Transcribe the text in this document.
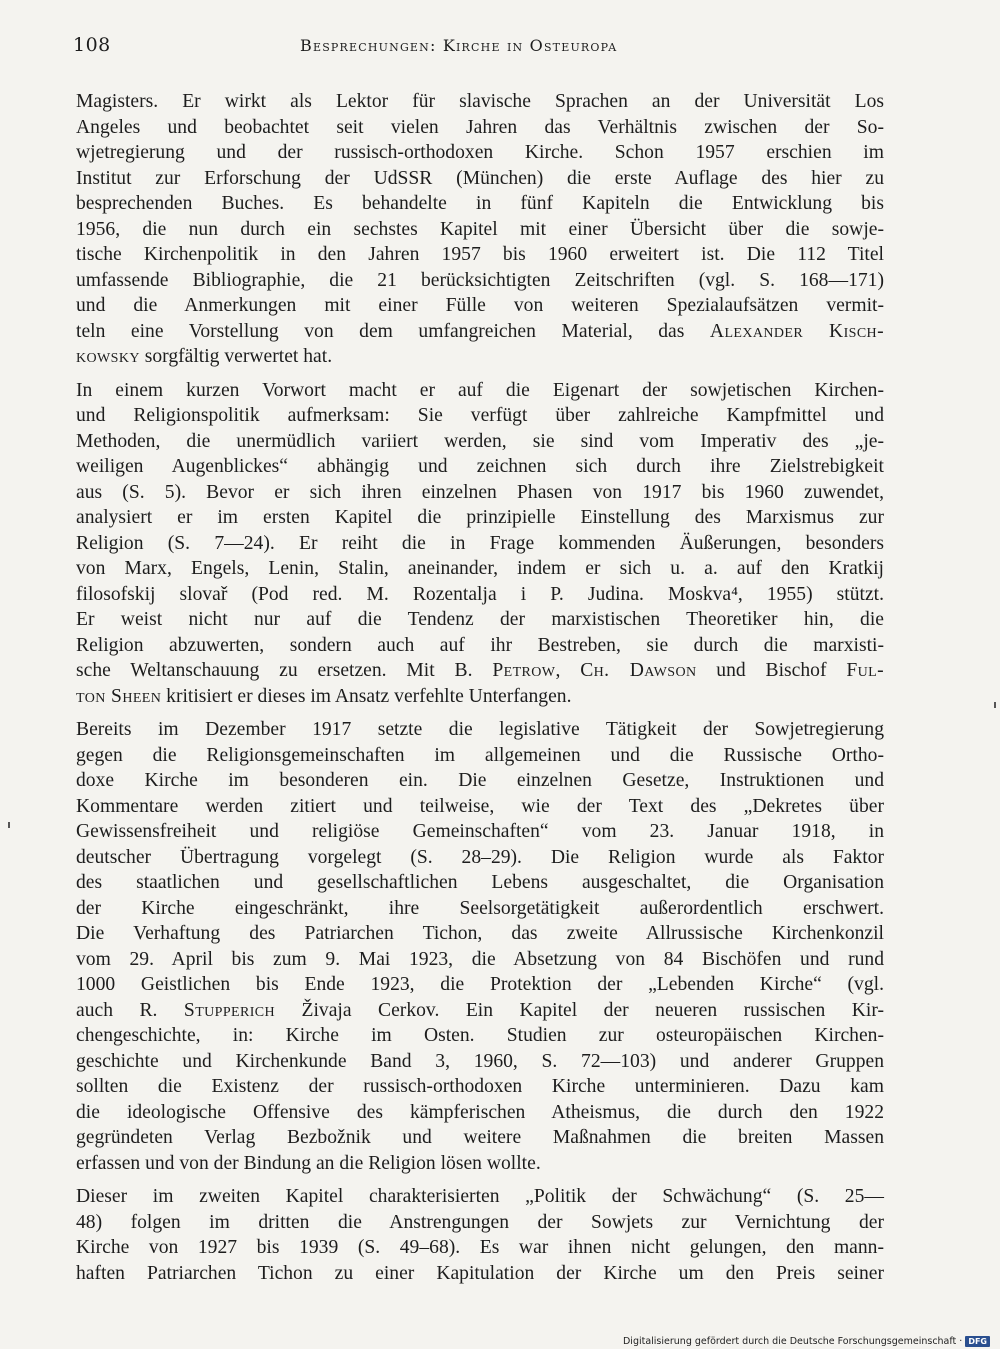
108	Besprechungen: Kirche in Osteuropa
Magisters. Er wirkt als Lektor für slavische Sprachen an der Universität Los
Angeles und beobachtet seit vielen Jahren das Verhältnis zwischen der So-
wjetregierung und der russisch-orthodoxen Kirche. Schon 1957 erschien im
Institut zur Erforschung der UdSSR (München) die erste Auflage des hier zu
besprechenden Buches. Es behandelte in fünf Kapiteln die Entwicklung bis
1956, die nun durch ein sechstes Kapitel mit einer Übersicht über die sowje-
tische Kirchenpolitik in den Jahren 1957 bis 1960 erweitert ist. Die 112 Titel
umfassende Bibliographie, die 21 berücksichtigten Zeitschriften (vgl. S. 168—171)
und die Anmerkungen mit einer Fülle von weiteren Spezialaufsätzen vermit-
teln eine Vorstellung von dem umfangreichen Material, das Alexander Kisch-
kowsky sorgfältig verwertet hat.
In einem kurzen Vorwort macht er auf die Eigenart der sowjetischen Kirchen-
und Religionspolitik aufmerksam: Sie verfügt über zahlreiche Kampfmittel und
Methoden, die unermüdlich variiert werden, sie sind vom Imperativ des „je-
weiligen Augenblickes“ abhängig und zeichnen sich durch ihre Zielstrebigkeit
aus (S. 5). Bevor er sich ihren einzelnen Phasen von 1917 bis 1960 zuwendet,
analysiert er im ersten Kapitel die prinzipielle Einstellung des Marxismus zur
Religion (S. 7—24). Er reiht die in Frage kommenden Äußerungen, besonders
von Marx, Engels, Lenin, Stalin, aneinander, indem er sich u. a. auf den Kratkij
filosofskij slovař (Pod red. M. Rozentalja i P. Judina. Moskva⁴, 1955) stützt.
Er weist nicht nur auf die Tendenz der marxistischen Theoretiker hin, die
Religion abzuwerten, sondern auch auf ihr Bestreben, sie durch die marxisti-
sche Weltanschauung zu ersetzen. Mit B. Petrow, Ch. Dawson und Bischof Ful-
ton Sheen kritisiert er dieses im Ansatz verfehlte Unterfangen.
Bereits im Dezember 1917 setzte die legislative Tätigkeit der Sowjetregierung
gegen die Religionsgemeinschaften im allgemeinen und die Russische Ortho-
doxe Kirche im besonderen ein. Die einzelnen Gesetze, Instruktionen und
Kommentare werden zitiert und teilweise, wie der Text des „Dekretes über
Gewissensfreiheit und religiöse Gemeinschaften“ vom 23. Januar 1918, in
deutscher Übertragung vorgelegt (S. 28–29). Die Religion wurde als Faktor
des staatlichen und gesellschaftlichen Lebens ausgeschaltet, die Organisation
der Kirche eingeschränkt, ihre Seelsorgetätigkeit außerordentlich erschwert.
Die Verhaftung des Patriarchen Tichon, das zweite Allrussische Kirchenkonzil
vom 29. April bis zum 9. Mai 1923, die Absetzung von 84 Bischöfen und rund
1000 Geistlichen bis Ende 1923, die Protektion der „Lebenden Kirche“ (vgl.
auch R. Stupperich Živaja Cerkov. Ein Kapitel der neueren russischen Kir-
chengeschichte, in: Kirche im Osten. Studien zur osteuropäischen Kirchen-
geschichte und Kirchenkunde Band 3, 1960, S. 72—103) und anderer Gruppen
sollten die Existenz der russisch-orthodoxen Kirche unterminieren. Dazu kam
die ideologische Offensive des kämpferischen Atheismus, die durch den 1922
gegründeten Verlag Bezbožnik und weitere Maßnahmen die breiten Massen
erfassen und von der Bindung an die Religion lösen wollte.
Dieser im zweiten Kapitel charakterisierten „Politik der Schwächung“ (S. 25—
48) folgen im dritten die Anstrengungen der Sowjets zur Vernichtung der
Kirche von 1927 bis 1939 (S. 49–68). Es war ihnen nicht gelungen, den mann-
haften Patriarchen Tichon zu einer Kapitulation der Kirche um den Preis seiner
Digitalisierung gefördert durch die Deutsche Forschungsgemeinschaft · DFG
